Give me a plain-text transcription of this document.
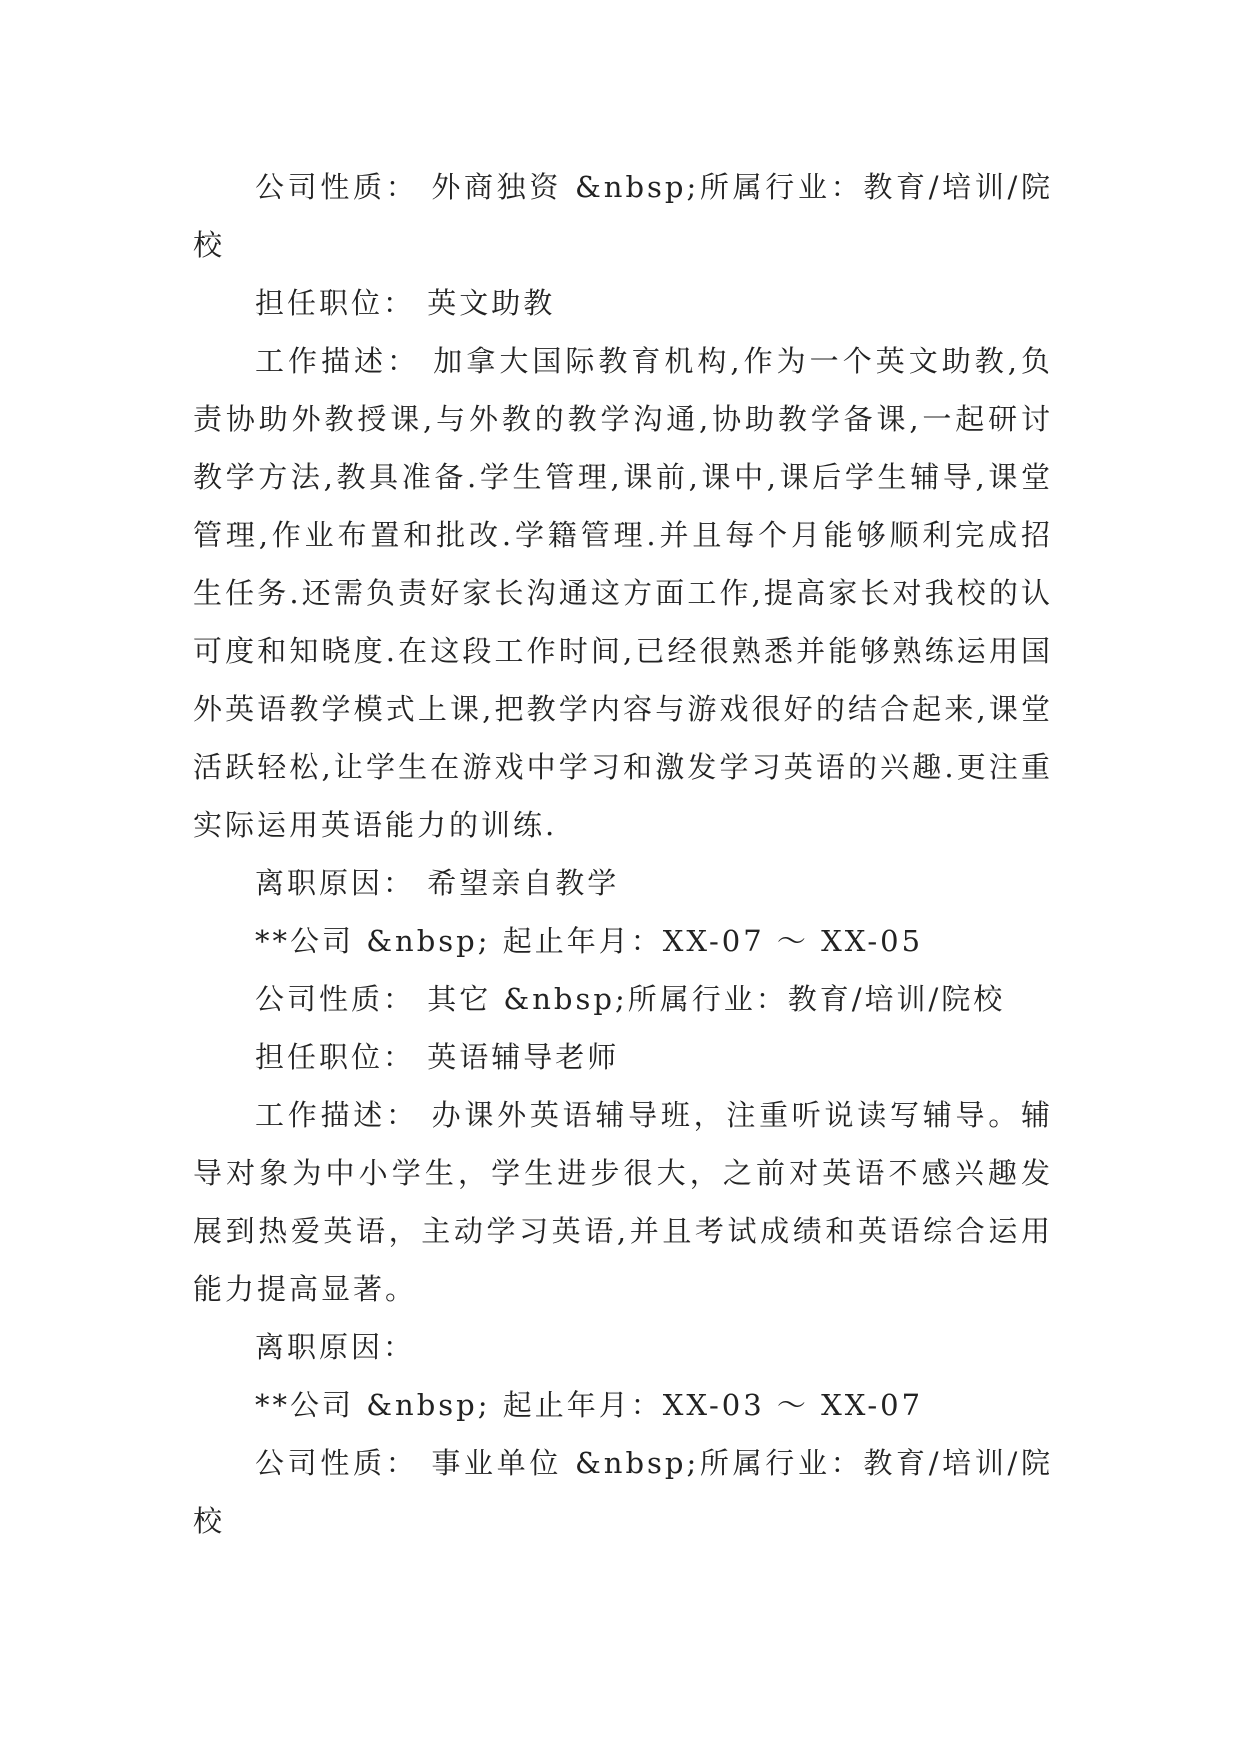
公司性质： 外商独资 &nbsp;所属行业：教育/培训/院校

担任职位： 英文助教

工作描述： 加拿大国际教育机构,作为一个英文助教,负责协助外教授课,与外教的教学沟通,协助教学备课,一起研讨教学方法,教具准备.学生管理,课前,课中,课后学生辅导,课堂管理,作业布置和批改.学籍管理.并且每个月能够顺利完成招生任务.还需负责好家长沟通这方面工作,提高家长对我校的认可度和知晓度.在这段工作时间,已经很熟悉并能够熟练运用国外英语教学模式上课,把教学内容与游戏很好的结合起来,课堂活跃轻松,让学生在游戏中学习和激发学习英语的兴趣.更注重实际运用英语能力的训练.

离职原因： 希望亲自教学

**公司 &nbsp; 起止年月：XX-07 ～ XX-05

公司性质： 其它 &nbsp;所属行业：教育/培训/院校

担任职位： 英语辅导老师

工作描述： 办课外英语辅导班，注重听说读写辅导。辅导对象为中小学生，学生进步很大，之前对英语不感兴趣发展到热爱英语，主动学习英语,并且考试成绩和英语综合运用能力提高显著。

离职原因：

**公司 &nbsp; 起止年月：XX-03 ～ XX-07

公司性质： 事业单位 &nbsp;所属行业：教育/培训/院校
